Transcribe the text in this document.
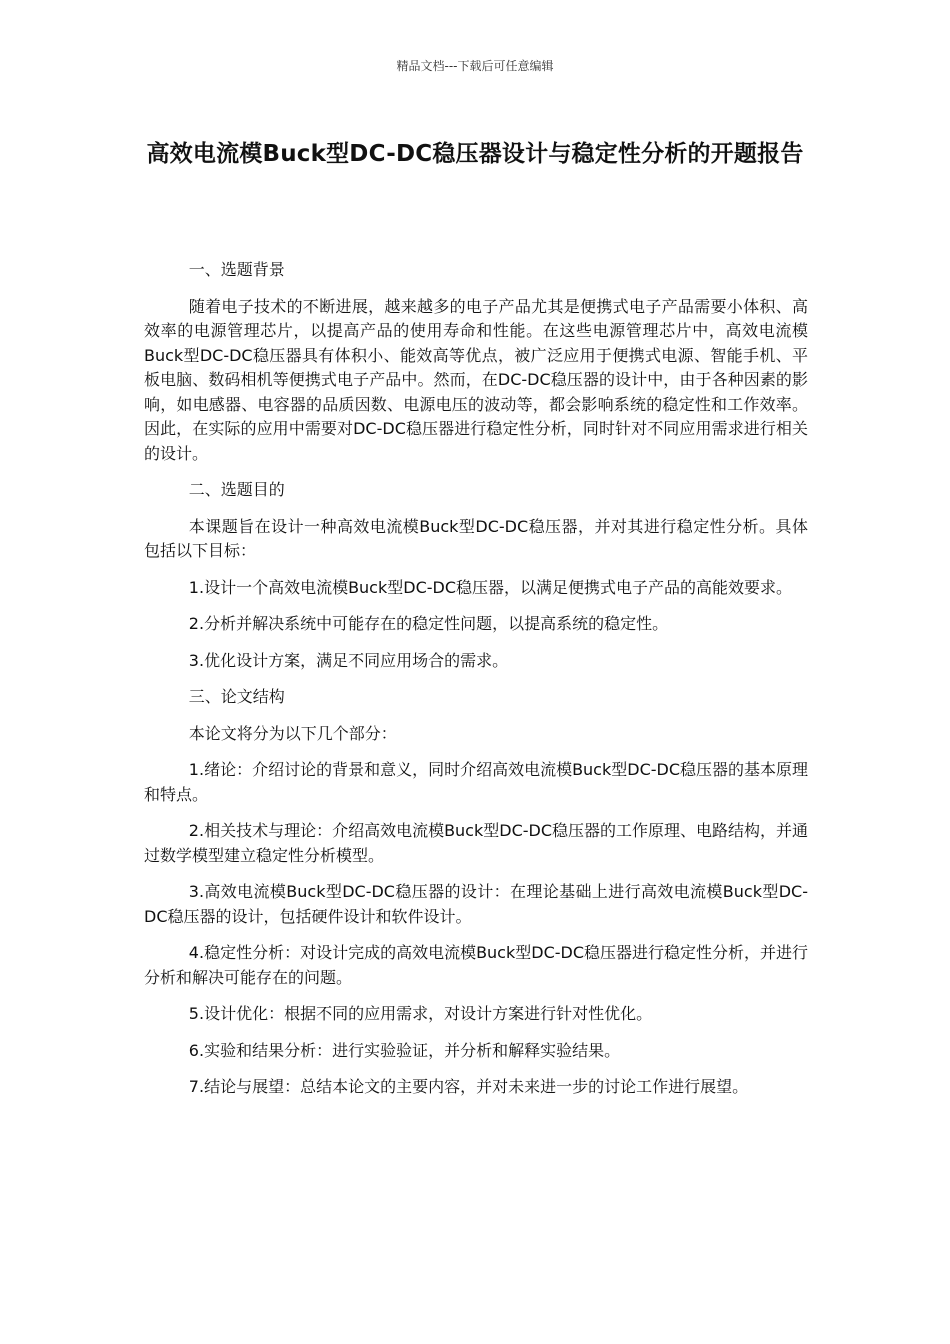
精品文档---下载后可任意编辑
高效电流模Buck型DC-DC稳压器设计与稳定性分析的开题报告

一、选题背景

随着电子技术的不断进展，越来越多的电子产品尤其是便携式电子产品需要小体积、高效率的电源管理芯片，以提高产品的使用寿命和性能。在这些电源管理芯片中，高效电流模Buck型DC-DC稳压器具有体积小、能效高等优点，被广泛应用于便携式电源、智能手机、平板电脑、数码相机等便携式电子产品中。然而，在DC-DC稳压器的设计中，由于各种因素的影响，如电感器、电容器的品质因数、电源电压的波动等，都会影响系统的稳定性和工作效率。因此，在实际的应用中需要对DC-DC稳压器进行稳定性分析，同时针对不同应用需求进行相关的设计。

二、选题目的

本课题旨在设计一种高效电流模Buck型DC-DC稳压器，并对其进行稳定性分析。具体包括以下目标：

1.设计一个高效电流模Buck型DC-DC稳压器，以满足便携式电子产品的高能效要求。

2.分析并解决系统中可能存在的稳定性问题，以提高系统的稳定性。

3.优化设计方案，满足不同应用场合的需求。

三、论文结构

本论文将分为以下几个部分：

1.绪论：介绍讨论的背景和意义，同时介绍高效电流模Buck型DC-DC稳压器的基本原理和特点。

2.相关技术与理论：介绍高效电流模Buck型DC-DC稳压器的工作原理、电路结构，并通过数学模型建立稳定性分析模型。

3.高效电流模Buck型DC-DC稳压器的设计：在理论基础上进行高效电流模Buck型DC-DC稳压器的设计，包括硬件设计和软件设计。

4.稳定性分析：对设计完成的高效电流模Buck型DC-DC稳压器进行稳定性分析，并进行分析和解决可能存在的问题。

5.设计优化：根据不同的应用需求，对设计方案进行针对性优化。

6.实验和结果分析：进行实验验证，并分析和解释实验结果。

7.结论与展望：总结本论文的主要内容，并对未来进一步的讨论工作进行展望。
